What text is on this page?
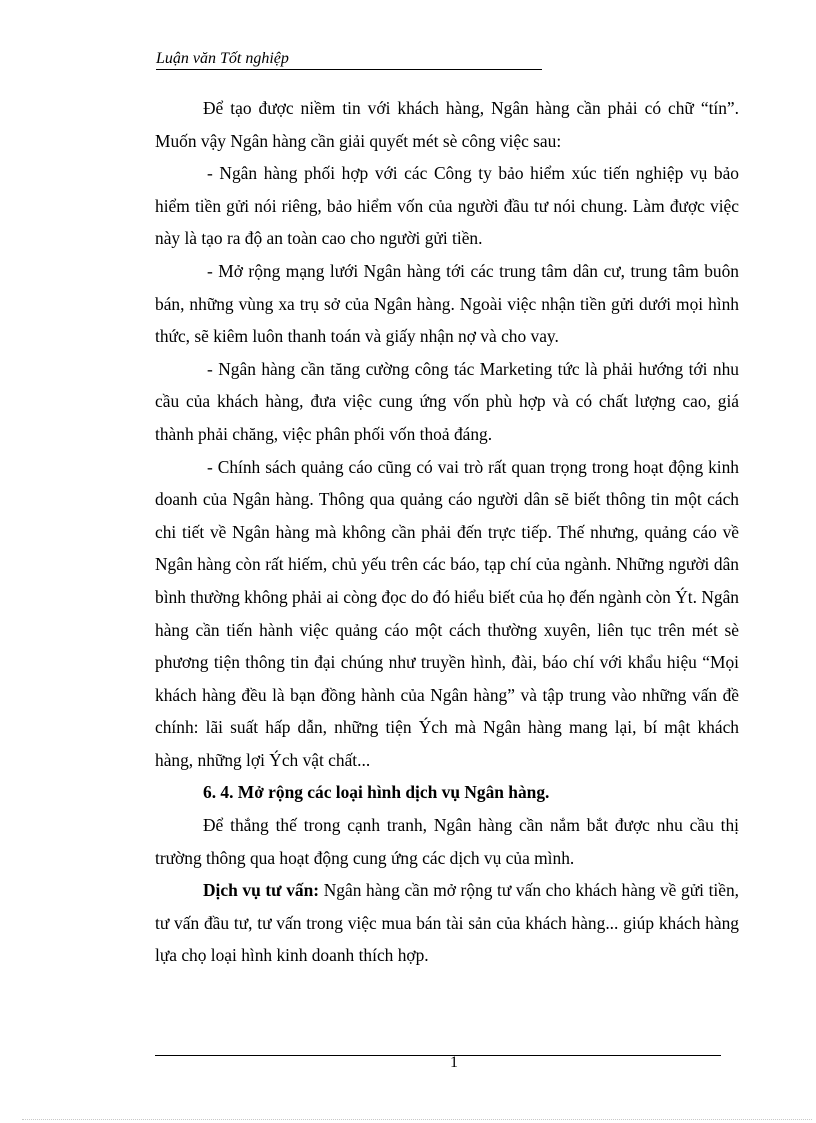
Luận văn Tốt nghiệp

Để tạo được niềm tin với khách hàng, Ngân hàng cần phải có chữ “tín”. Muốn vậy Ngân hàng cần giải quyết mét sè công việc sau:

- Ngân hàng phối hợp với các Công ty bảo hiểm xúc tiến nghiệp vụ bảo hiểm tiền gửi nói riêng, bảo hiểm vốn của người đầu tư nói chung. Làm được việc này là tạo ra độ an toàn cao cho người gửi tiền.

- Mở rộng mạng lưới Ngân hàng tới các trung tâm dân cư, trung tâm buôn bán, những vùng xa trụ sở của Ngân hàng. Ngoài việc nhận tiền gửi dưới mọi hình thức, sẽ kiêm luôn thanh toán và giấy nhận nợ và cho vay.

- Ngân hàng cần tăng cường công tác Marketing tức là phải hướng tới nhu cầu của khách hàng, đưa việc cung ứng vốn phù hợp và có chất lượng cao, giá thành phải chăng, việc phân phối vốn thoả đáng.

- Chính sách quảng cáo cũng có vai trò rất quan trọng trong hoạt động kinh doanh của Ngân hàng. Thông qua quảng cáo người dân sẽ biết thông tin một cách chi tiết về Ngân hàng mà không cần phải đến trực tiếp. Thế nhưng, quảng cáo về Ngân hàng còn rất hiếm, chủ yếu trên các báo, tạp chí của ngành. Những người dân bình thường không phải ai còng đọc do đó hiểu biết của họ đến ngành còn Ýt. Ngân hàng cần tiến hành việc quảng cáo một cách thường xuyên, liên tục trên mét sè phương tiện thông tin đại chúng như truyền hình, đài, báo chí với khẩu hiệu “Mọi khách hàng đều là bạn đồng hành của Ngân hàng” và tập trung vào những vấn đề chính: lãi suất hấp dẫn, những tiện Ých mà Ngân hàng mang lại, bí mật khách hàng, những lợi Ých vật chất...

6. 4. Mở rộng các loại hình dịch vụ Ngân hàng.

Để thắng thế trong cạnh tranh, Ngân hàng cần nắm bắt được nhu cầu thị trường thông qua hoạt động cung ứng các dịch vụ của mình.

Dịch vụ tư vấn: Ngân hàng cần mở rộng tư vấn cho khách hàng về gửi tiền, tư vấn đầu tư, tư vấn trong việc mua bán tài sản của khách hàng... giúp khách hàng lựa chọ loại hình kinh doanh thích hợp.

1
